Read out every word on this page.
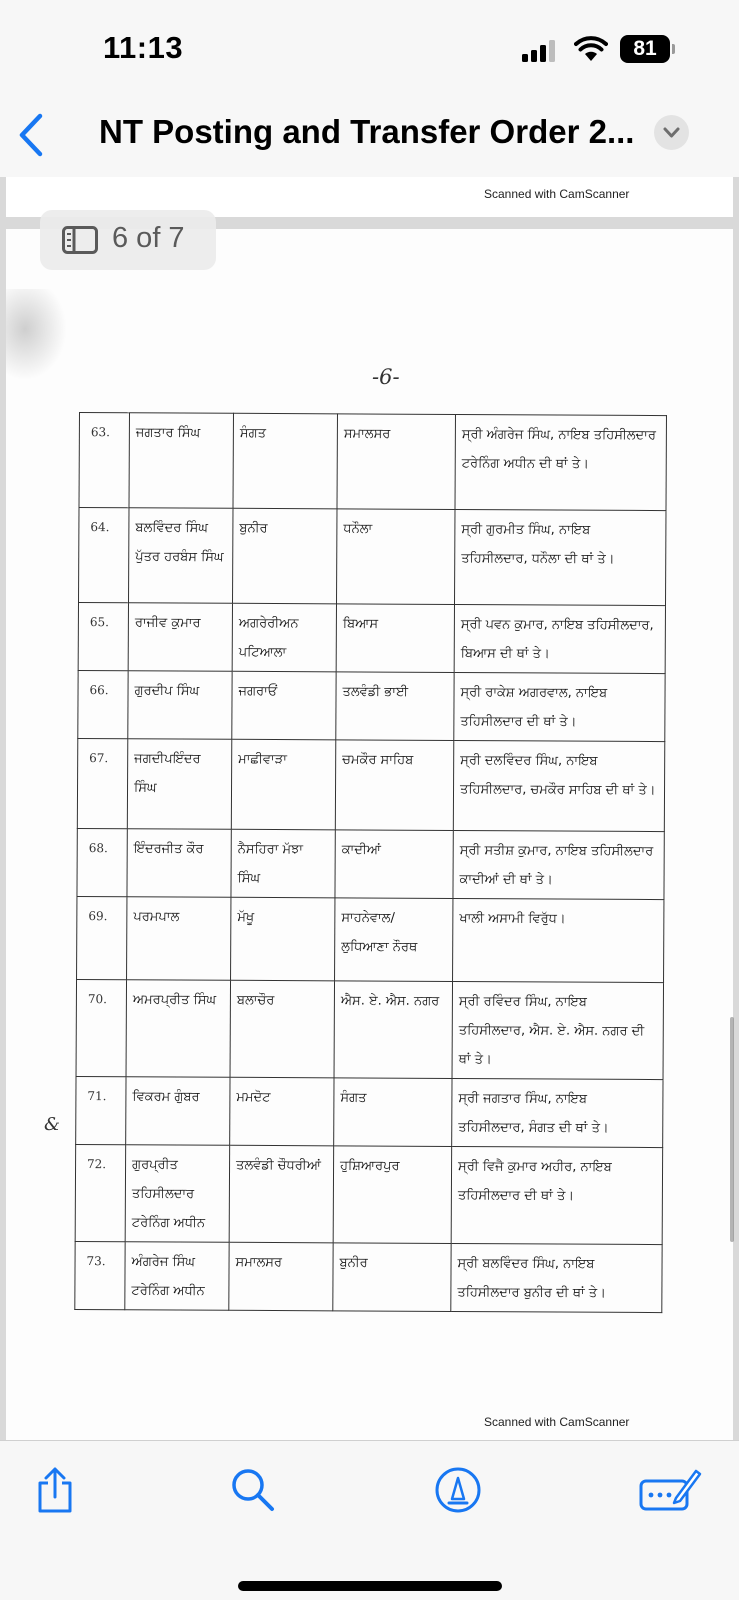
11:13	81
NT Posting and Transfer Order 2...
Scanned with CamScanner
6 of 7
-6-
&
63.	ਜਗਤਾਰ ਸਿੰਘ	ਸੰਗਤ	ਸਮਾਲਸਰ	ਸ੍ਰੀ ਅੰਗਰੇਜ ਸਿੰਘ, ਨਾਇਬ ਤਹਿਸੀਲਦਾਰ ਟਰੇਨਿੰਗ ਅਧੀਨ ਦੀ ਥਾਂ ਤੇ।
64.	ਬਲਵਿੰਦਰ ਸਿੰਘ ਪੁੱਤਰ ਹਰਬੰਸ ਸਿੰਘ	ਬੁਨੀਰ	ਧਨੌਲਾ	ਸ੍ਰੀ ਗੁਰਮੀਤ ਸਿੰਘ, ਨਾਇਬ ਤਹਿਸੀਲਦਾਰ, ਧਨੌਲਾ ਦੀ ਥਾਂ ਤੇ।
65.	ਰਾਜੀਵ ਕੁਮਾਰ	ਅਗਰੇਰੀਅਨ ਪਟਿਆਲਾ	ਬਿਆਸ	ਸ੍ਰੀ ਪਵਨ ਕੁਮਾਰ, ਨਾਇਬ ਤਹਿਸੀਲਦਾਰ, ਬਿਆਸ ਦੀ ਥਾਂ ਤੇ।
66.	ਗੁਰਦੀਪ ਸਿੰਘ	ਜਗਰਾਓਂ	ਤਲਵੰਡੀ ਭਾਈ	ਸ੍ਰੀ ਰਾਕੇਸ਼ ਅਗਰਵਾਲ, ਨਾਇਬ ਤਹਿਸੀਲਦਾਰ ਦੀ ਥਾਂ ਤੇ।
67.	ਜਗਦੀਪਇੰਦਰ ਸਿੰਘ	ਮਾਛੀਵਾੜਾ	ਚਮਕੌਰ ਸਾਹਿਬ	ਸ੍ਰੀ ਦਲਵਿੰਦਰ ਸਿੰਘ, ਨਾਇਬ ਤਹਿਸੀਲਦਾਰ, ਚਮਕੌਰ ਸਾਹਿਬ ਦੀ ਥਾਂ ਤੇ।
68.	ਇੰਦਰਜੀਤ ਕੌਰ	ਨੈਸਹਿਰਾ ਮੱਝਾ ਸਿੰਘ	ਕਾਦੀਆਂ	ਸ੍ਰੀ ਸਤੀਸ਼ ਕੁਮਾਰ, ਨਾਇਬ ਤਹਿਸੀਲਦਾਰ ਕਾਦੀਆਂ ਦੀ ਥਾਂ ਤੇ।
69.	ਪਰਮਪਾਲ	ਮੱਖੂ	ਸਾਹਨੇਵਾਲ/ ਲੁਧਿਆਣਾ ਨੌਰਥ	ਖਾਲੀ ਅਸਾਮੀ ਵਿਰੁੱਧ।
70.	ਅਮਰਪ੍ਰੀਤ ਸਿੰਘ	ਬਲਾਚੌਰ	ਐਸ. ਏ. ਐਸ. ਨਗਰ	ਸ੍ਰੀ ਰਵਿੰਦਰ ਸਿੰਘ, ਨਾਇਬ ਤਹਿਸੀਲਦਾਰ, ਐਸ. ਏ. ਐਸ. ਨਗਰ ਦੀ ਥਾਂ ਤੇ।
71.	ਵਿਕਰਮ ਗੁੰਬਰ	ਮਮਦੋਟ	ਸੰਗਤ	ਸ੍ਰੀ ਜਗਤਾਰ ਸਿੰਘ, ਨਾਇਬ ਤਹਿਸੀਲਦਾਰ, ਸੰਗਤ ਦੀ ਥਾਂ ਤੇ।
72.	ਗੁਰਪ੍ਰੀਤ ਤਹਿਸੀਲਦਾਰ ਟਰੇਨਿੰਗ ਅਧੀਨ	ਤਲਵੰਡੀ ਚੌਧਰੀਆਂ	ਹੁਸ਼ਿਆਰਪੁਰ	ਸ੍ਰੀ ਵਿਜੈ ਕੁਮਾਰ ਅਹੀਰ, ਨਾਇਬ ਤਹਿਸੀਲਦਾਰ ਦੀ ਥਾਂ ਤੇ।
73.	ਅੰਗਰੇਜ ਸਿੰਘ ਟਰੇਨਿੰਗ ਅਧੀਨ	ਸਮਾਲਸਰ	ਬੁਨੀਰ	ਸ੍ਰੀ ਬਲਵਿੰਦਰ ਸਿੰਘ, ਨਾਇਬ ਤਹਿਸੀਲਦਾਰ ਬੁਨੀਰ ਦੀ ਥਾਂ ਤੇ।
Scanned with CamScanner
